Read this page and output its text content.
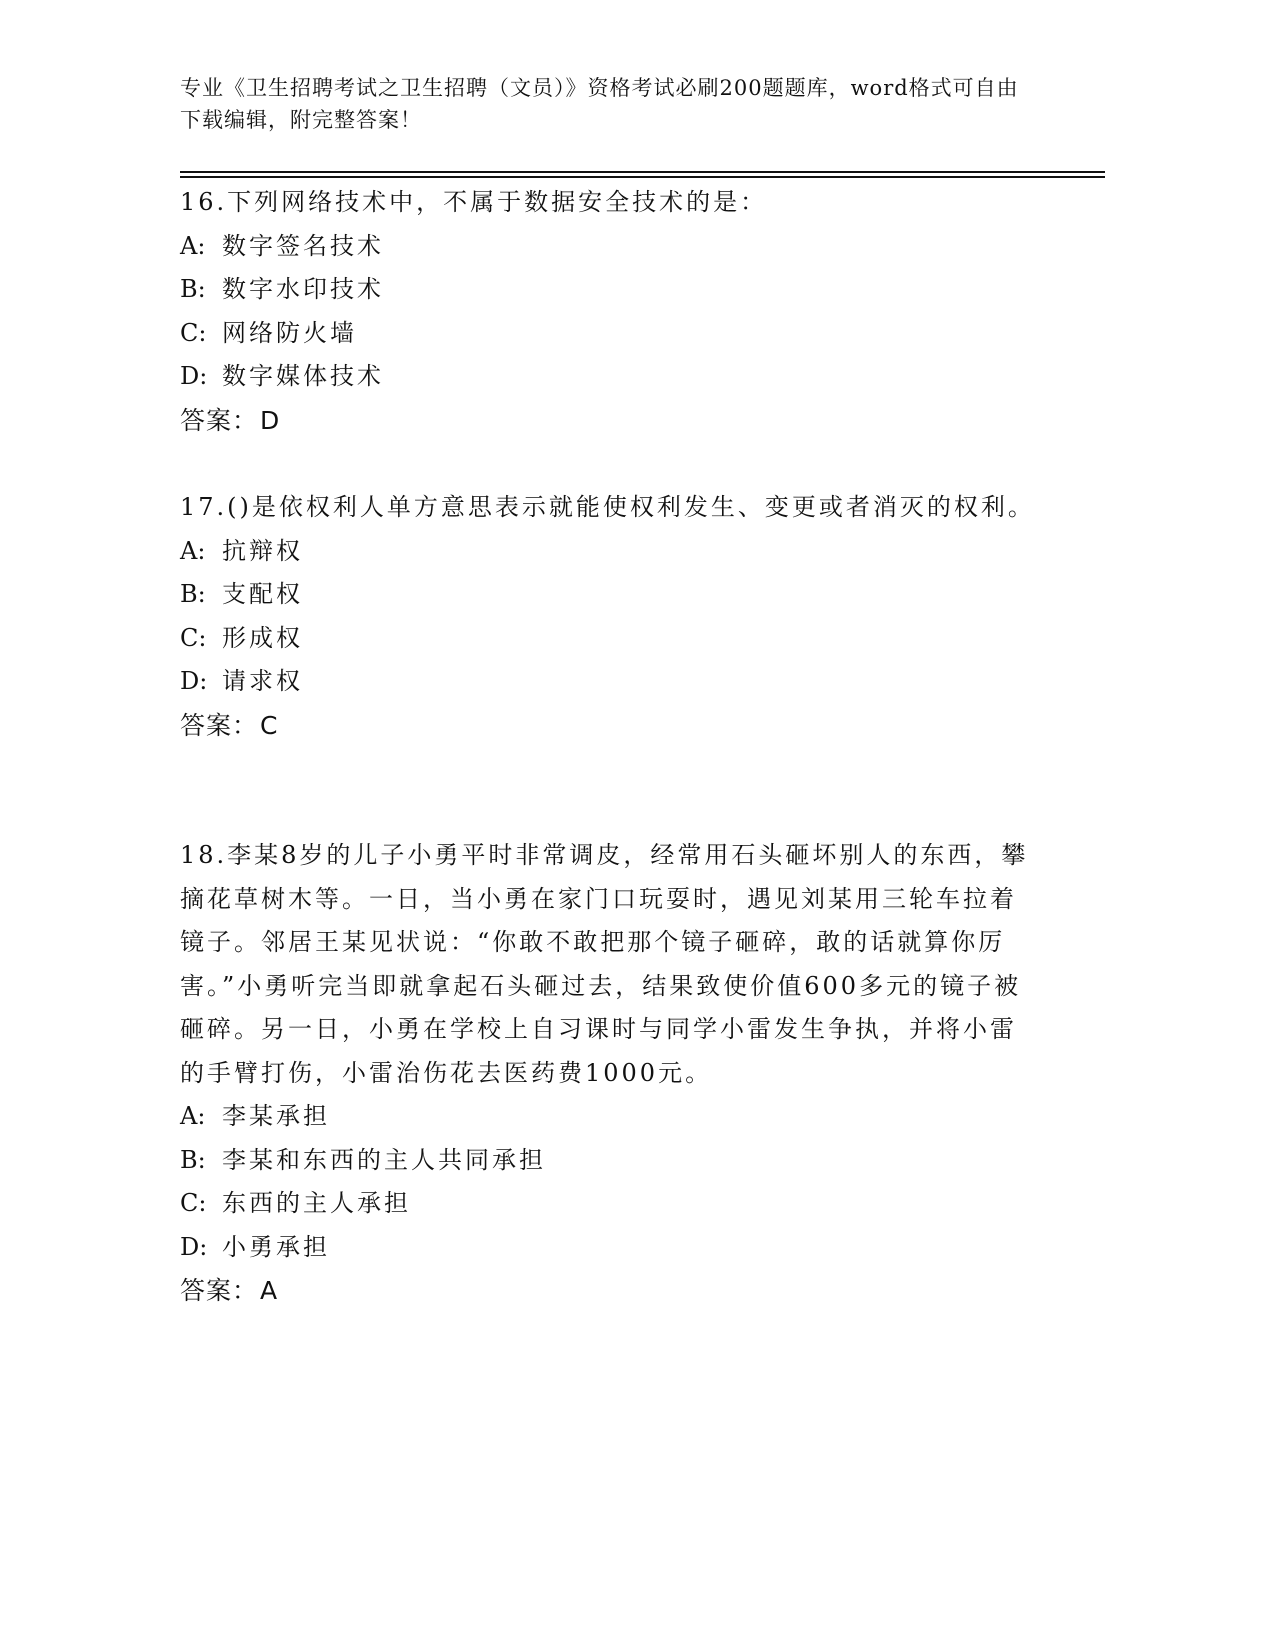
专业《卫生招聘考试之卫生招聘（文员）》资格考试必刷200题题库，word格式可自由下载编辑，附完整答案！
16.下列网络技术中，不属于数据安全技术的是：
A: 数字签名技术
B: 数字水印技术
C: 网络防火墙
D: 数字媒体技术
答案：D
17.()是依权利人单方意思表示就能使权利发生、变更或者消灭的权利。
A: 抗辩权
B: 支配权
C: 形成权
D: 请求权
答案：C
18.李某8岁的儿子小勇平时非常调皮，经常用石头砸坏别人的东西，攀摘花草树木等。一日，当小勇在家门口玩耍时，遇见刘某用三轮车拉着镜子。邻居王某见状说：“你敢不敢把那个镜子砸碎，敢的话就算你厉害。”小勇听完当即就拿起石头砸过去，结果致使价值600多元的镜子被砸碎。另一日，小勇在学校上自习课时与同学小雷发生争执，并将小雷的手臂打伤，小雷治伤花去医药费1000元。
A: 李某承担
B: 李某和东西的主人共同承担
C: 东西的主人承担
D: 小勇承担
答案：A
